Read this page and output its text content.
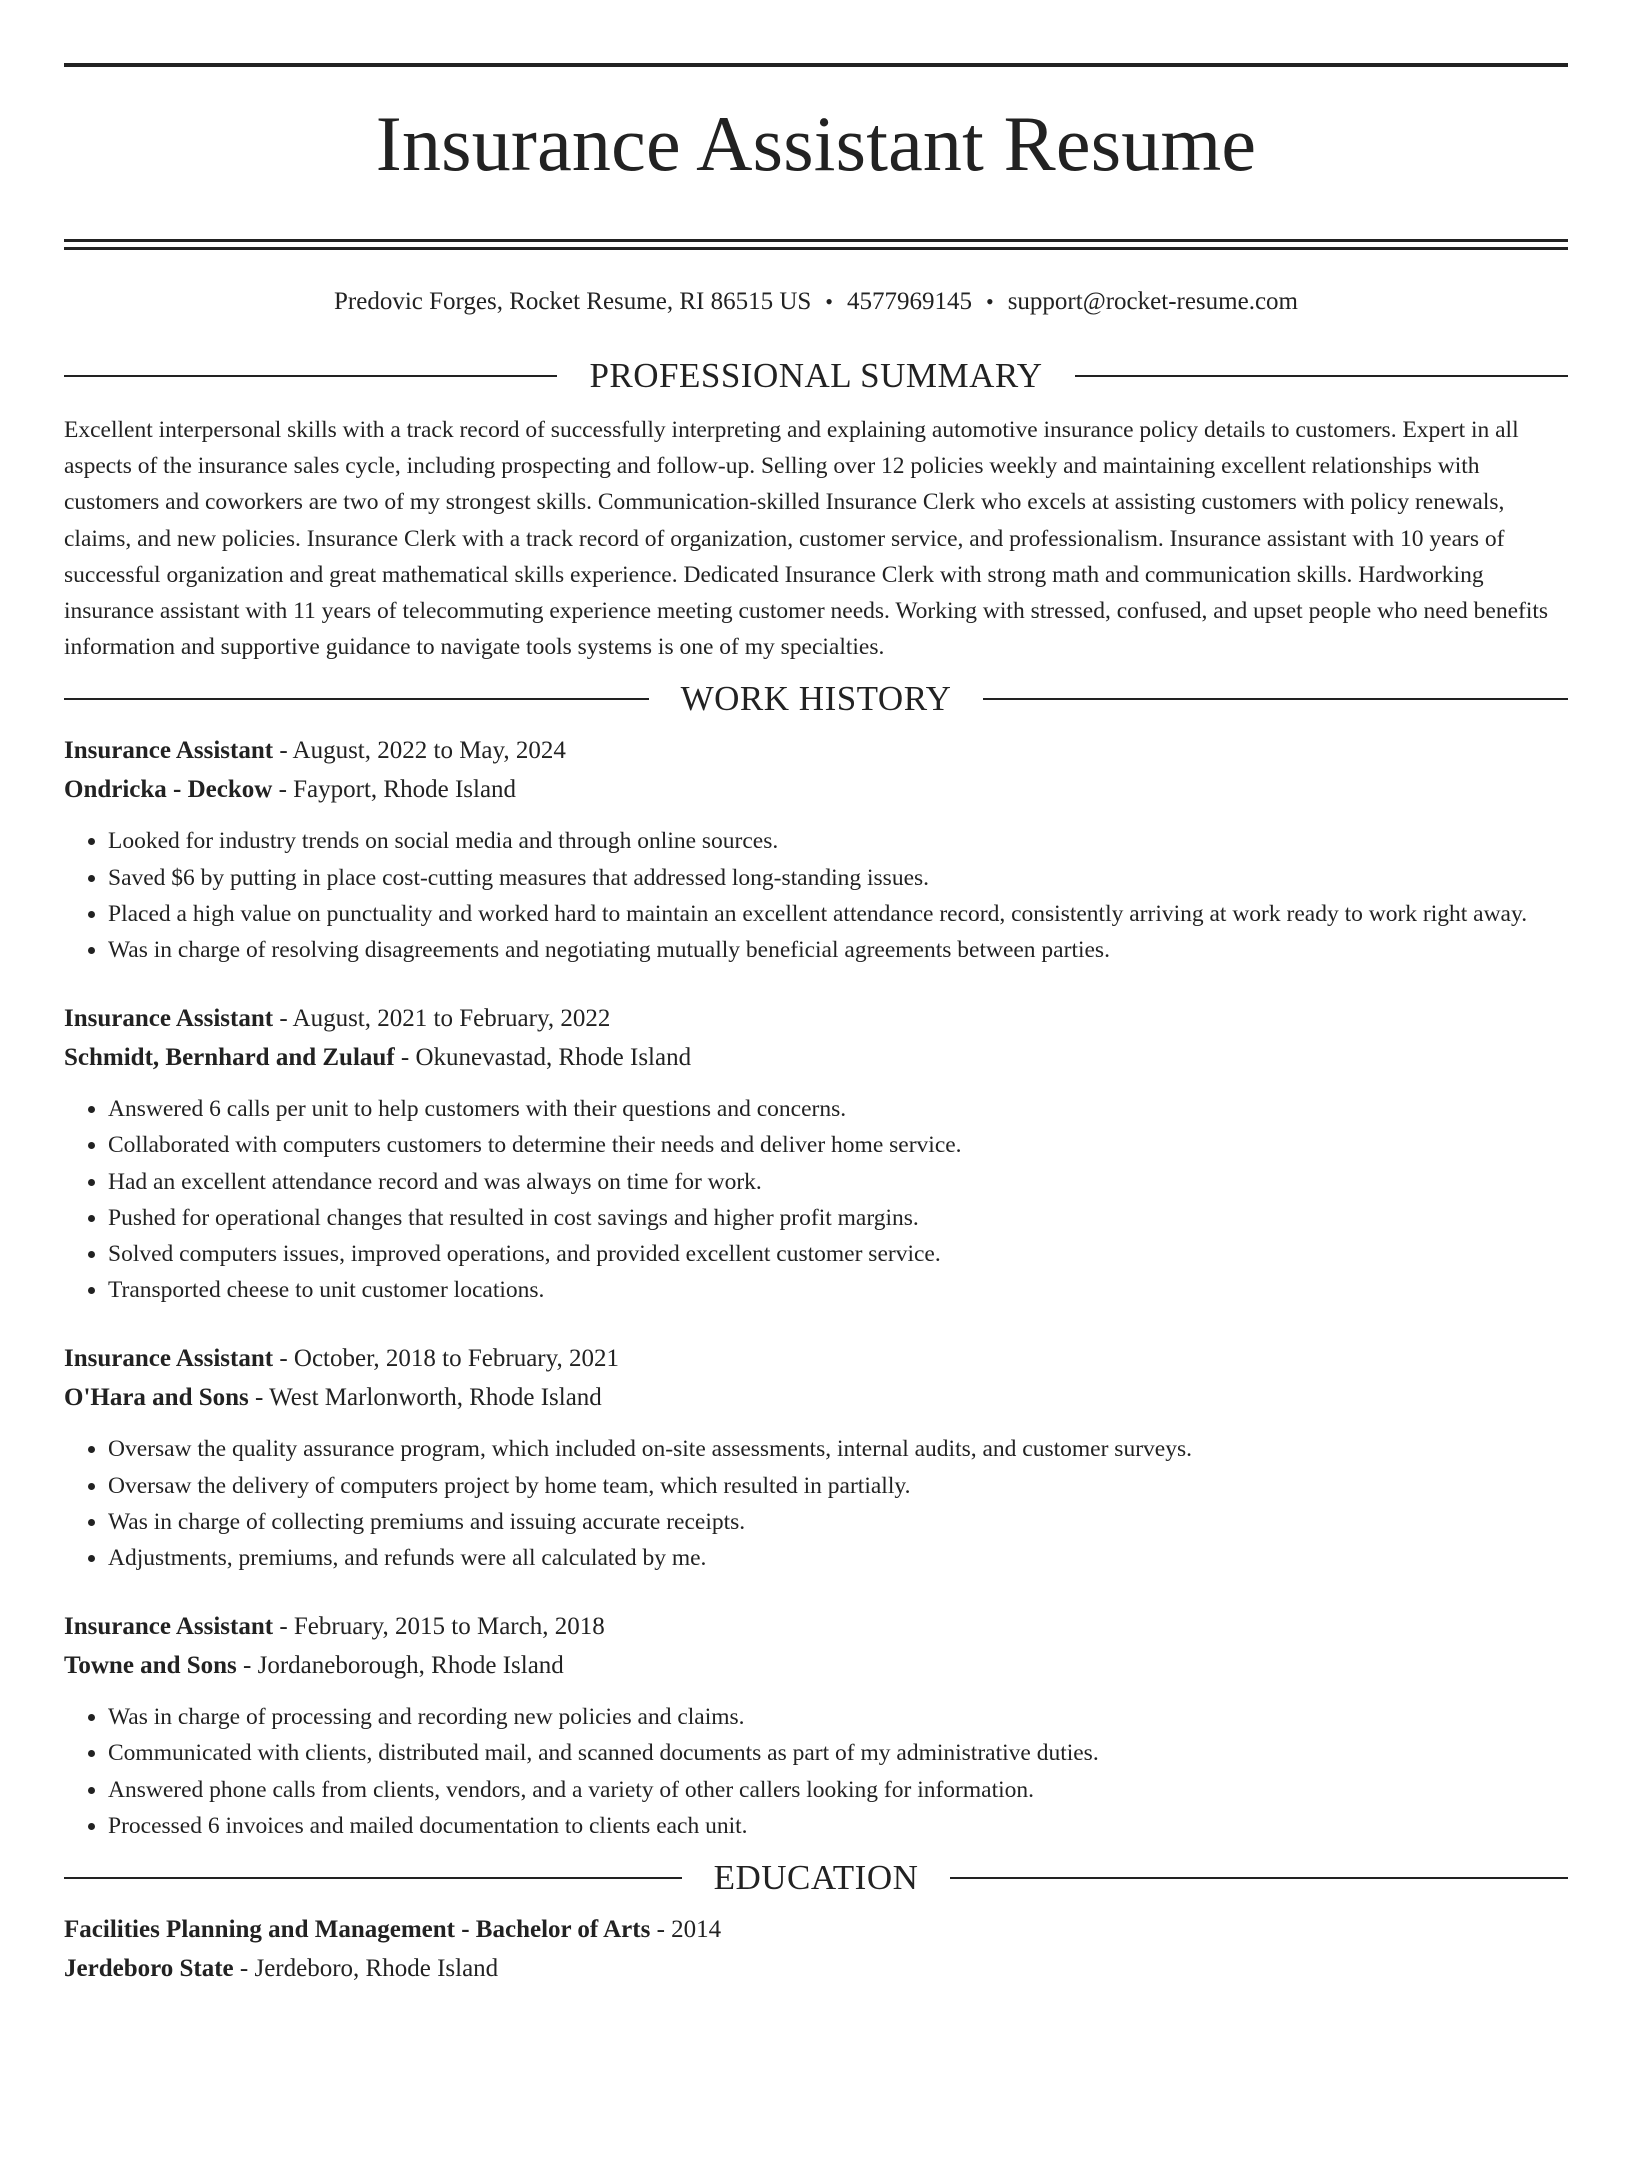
Insurance Assistant Resume
Predovic Forges, Rocket Resume, RI 86515 US • 4577969145 • support@rocket-resume.com
PROFESSIONAL SUMMARY

Excellent interpersonal skills with a track record of successfully interpreting and explaining automotive insurance policy details to customers. Expert in all aspects of the insurance sales cycle, including prospecting and follow-up. Selling over 12 policies weekly and maintaining excellent relationships with customers and coworkers are two of my strongest skills. Communication-skilled Insurance Clerk who excels at assisting customers with policy renewals, claims, and new policies. Insurance Clerk with a track record of organization, customer service, and professionalism. Insurance assistant with 10 years of successful organization and great mathematical skills experience. Dedicated Insurance Clerk with strong math and communication skills. Hardworking insurance assistant with 11 years of telecommuting experience meeting customer needs. Working with stressed, confused, and upset people who need benefits information and supportive guidance to navigate tools systems is one of my specialties.

WORK HISTORY

Insurance Assistant - August, 2022 to May, 2024

Ondricka - Deckow - Fayport, Rhode Island

• Looked for industry trends on social media and through online sources.
• Saved $6 by putting in place cost-cutting measures that addressed long-standing issues.
• Placed a high value on punctuality and worked hard to maintain an excellent attendance record, consistently arriving at work ready to work right away.
• Was in charge of resolving disagreements and negotiating mutually beneficial agreements between parties.

Insurance Assistant - August, 2021 to February, 2022

Schmidt, Bernhard and Zulauf - Okunevastad, Rhode Island

• Answered 6 calls per unit to help customers with their questions and concerns.
• Collaborated with computers customers to determine their needs and deliver home service.
• Had an excellent attendance record and was always on time for work.
• Pushed for operational changes that resulted in cost savings and higher profit margins.
• Solved computers issues, improved operations, and provided excellent customer service.
• Transported cheese to unit customer locations.

Insurance Assistant - October, 2018 to February, 2021

O'Hara and Sons - West Marlonworth, Rhode Island

• Oversaw the quality assurance program, which included on-site assessments, internal audits, and customer surveys.
• Oversaw the delivery of computers project by home team, which resulted in partially.
• Was in charge of collecting premiums and issuing accurate receipts.
• Adjustments, premiums, and refunds were all calculated by me.

Insurance Assistant - February, 2015 to March, 2018

Towne and Sons - Jordaneborough, Rhode Island

• Was in charge of processing and recording new policies and claims.
• Communicated with clients, distributed mail, and scanned documents as part of my administrative duties.
• Answered phone calls from clients, vendors, and a variety of other callers looking for information.
• Processed 6 invoices and mailed documentation to clients each unit.
EDUCATION

Facilities Planning and Management - Bachelor of Arts - 2014

Jerdeboro State - Jerdeboro, Rhode Island
